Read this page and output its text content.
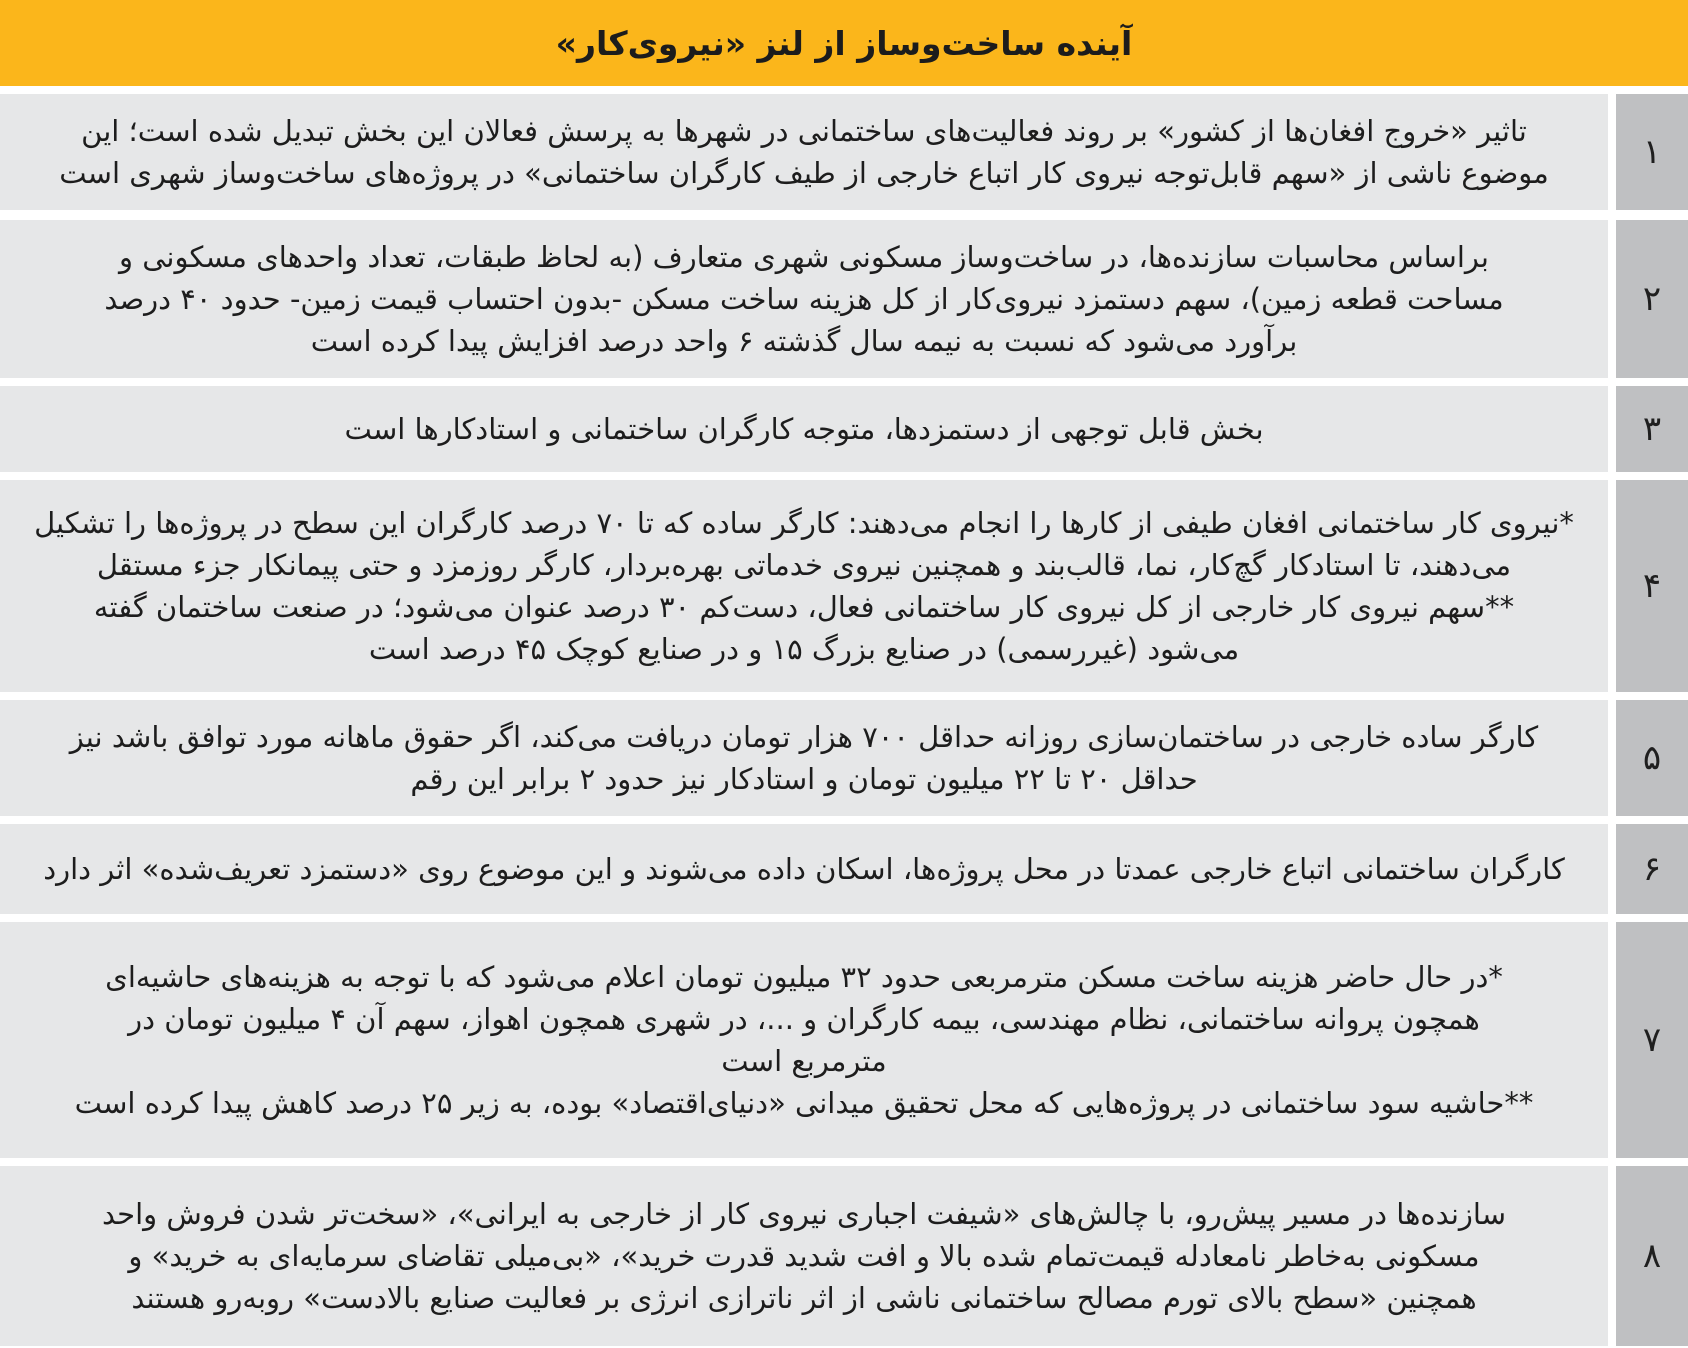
آینده ساخت‌وساز از لنز «نیروی‌کار»
۱

تاثیر «خروج افغان‌ها از کشور» بر روند فعالیت‌های ساختمانی در شهرها به پرسش فعالان این بخش تبدیل شده است؛ این
موضوع ناشی از «سهم قابل‌توجه نیروی کار اتباع خارجی از طیف کارگران ساختمانی» در پروژه‌های ساخت‌وساز شهری است

۲

براساس محاسبات سازنده‌ها، در ساخت‌وساز مسکونی شهری متعارف (به لحاظ طبقات، تعداد واحدهای مسکونی و
مساحت قطعه زمین)، سهم دستمزد نیروی‌کار از کل هزینه ساخت مسکن -بدون احتساب قیمت زمین- حدود ۴۰ درصد
برآورد می‌شود که نسبت به نیمه سال گذشته ۶ واحد درصد افزایش پیدا کرده است

۳

بخش قابل توجهی از دستمزدها، متوجه کارگران ساختمانی و استادکارها است

۴

*نیروی کار ساختمانی افغان طیفی از کارها را انجام می‌دهند: کارگر ساده که تا ۷۰ درصد کارگران این سطح در پروژه‌ها را تشکیل
می‌دهند، تا استادکار گچ‌کار، نما، قالب‌بند و همچنین نیروی خدماتی بهره‌بردار، کارگر روزمزد و حتی پیمانکار جزء مستقل
**سهم نیروی کار خارجی از کل نیروی کار ساختمانی فعال، دست‌کم ۳۰ درصد عنوان می‌شود؛ در صنعت ساختمان گفته
می‌شود (غیررسمی) در صنایع بزرگ ۱۵ و در صنایع کوچک ۴۵ درصد است

۵

کارگر ساده خارجی در ساختمان‌سازی روزانه حداقل ۷۰۰ هزار تومان دریافت می‌کند، اگر حقوق ماهانه مورد توافق باشد نیز
حداقل ۲۰ تا ۲۲ میلیون تومان و استادکار نیز حدود ۲ برابر این رقم

۶

کارگران ساختمانی اتباع خارجی عمدتا در محل پروژه‌ها، اسکان داده می‌شوند و این موضوع روی «دستمزد تعریف‌شده» اثر دارد

۷

*در حال حاضر هزینه ساخت مسکن مترمربعی حدود ۳۲ میلیون تومان اعلام می‌شود که با توجه به هزینه‌های حاشیه‌ای
همچون پروانه ساختمانی، نظام مهندسی، بیمه کارگران و ...، در شهری همچون اهواز، سهم آن ۴ میلیون تومان در
مترمربع است
**حاشیه سود ساختمانی در پروژه‌هایی که محل تحقیق میدانی «دنیای‌اقتصاد» بوده، به زیر ۲۵ درصد کاهش پیدا کرده است

۸

سازنده‌ها در مسیر پیش‌رو، با چالش‌های «شیفت اجباری نیروی کار از خارجی به ایرانی»، «سخت‌تر شدن فروش واحد
مسکونی به‌خاطر نامعادله قیمت‌تمام شده بالا و افت شدید قدرت خرید»، «بی‌میلی تقاضای سرمایه‌ای به خرید» و
همچنین «سطح بالای تورم مصالح ساختمانی ناشی از اثر ناترازی انرژی بر فعالیت صنایع بالادست» روبه‌رو هستند
